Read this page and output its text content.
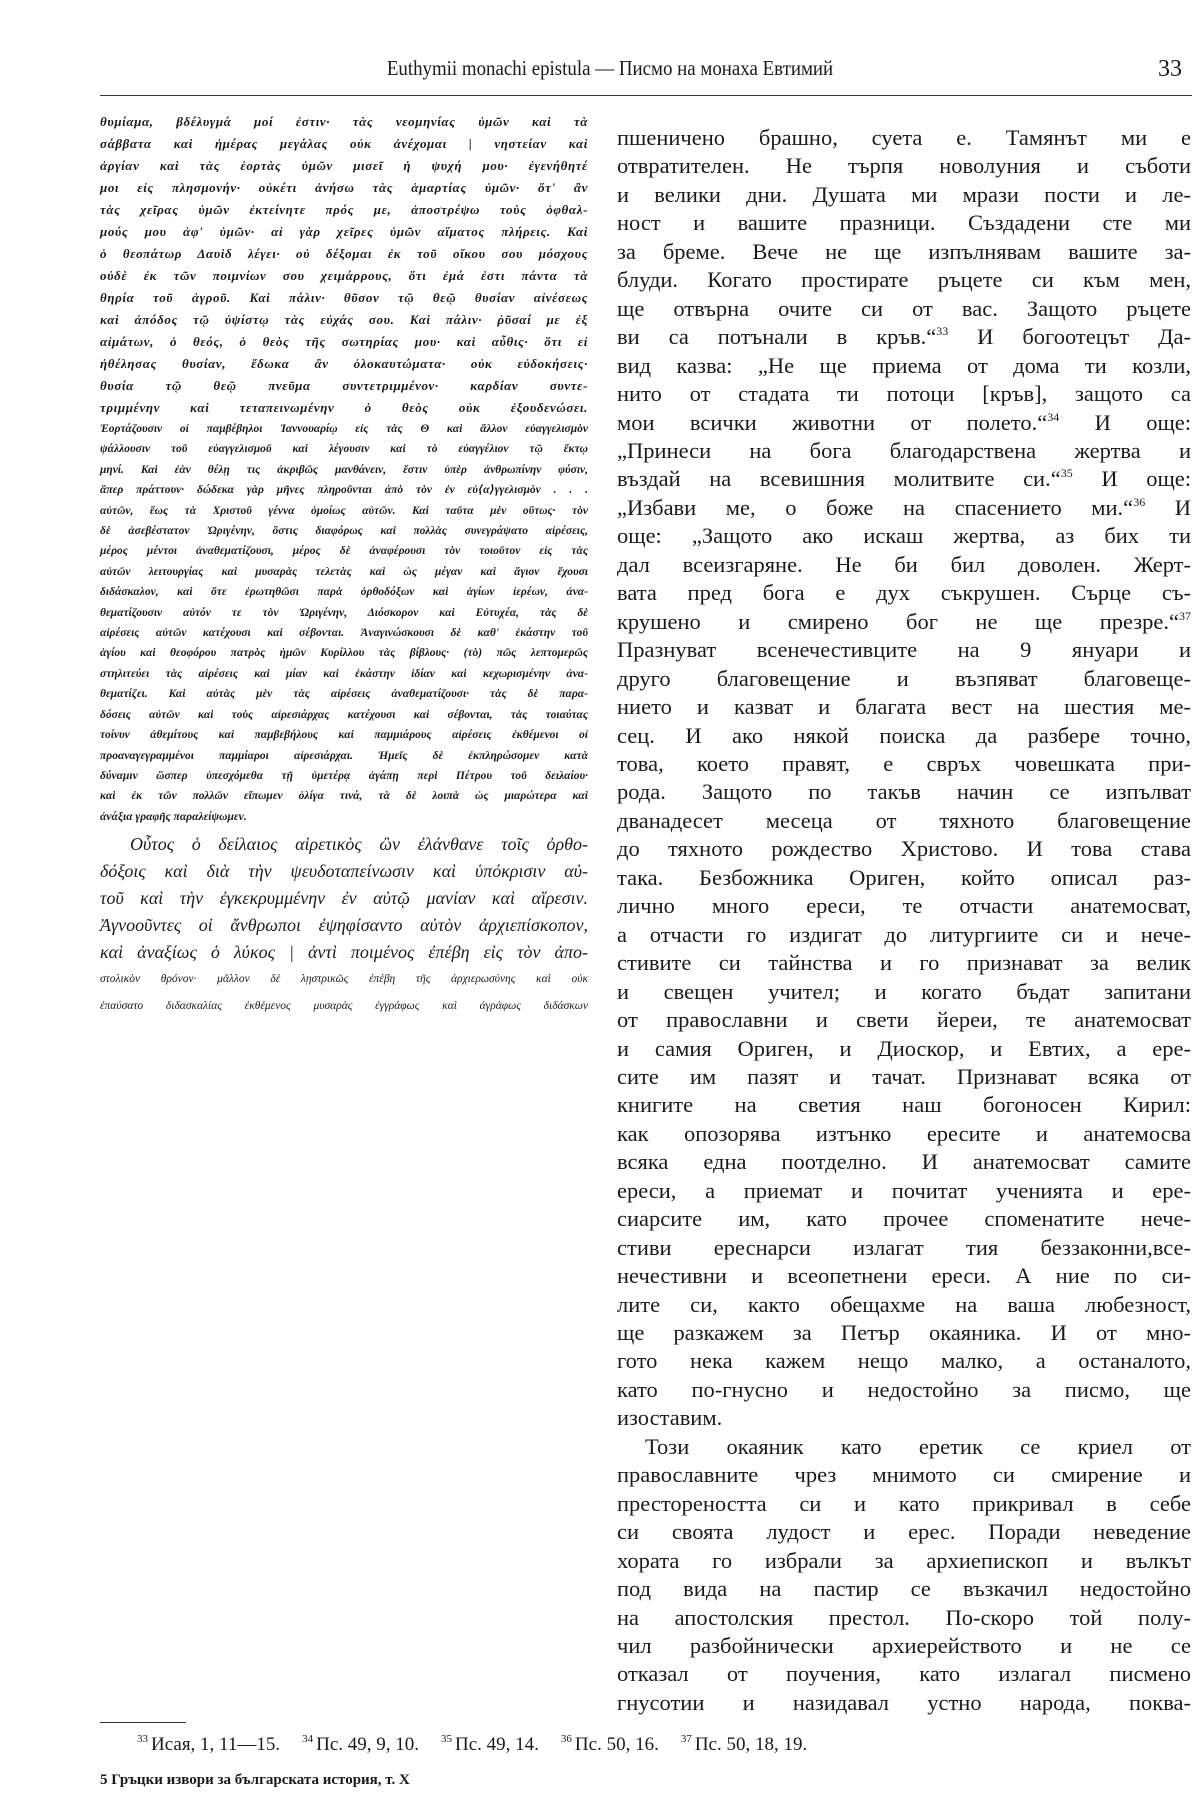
Euthymii monachi epistula — Писмо на монаха Евтимий	33
θυμίαμα, βδέλυγμά μοί ἐστιν· τὰς νεομηνίας ὑμῶν καὶ τὰ
σάββατα καὶ ἡμέρας μεγάλας οὐκ ἀνέχομαι | νηστείαν καὶ
ἀργίαν καὶ τὰς ἑορτὰς ὑμῶν μισεῖ ἡ ψυχή μου· ἐγενήθητέ
μοι εἰς πλησμονήν· οὐκέτι ἀνήσω τὰς ἁμαρτίας ὑμῶν· ὅτ' ἂν
τὰς χεῖρας ὑμῶν ἐκτείνητε πρός με, ἀποστρέψω τοὺς ὀφθαλ-
μούς μου ἀφ' ὑμῶν· αἱ γὰρ χεῖρες ὑμῶν αἵματος πλήρεις. Καὶ
ὁ θεοπάτωρ Δαυὶδ λέγει· οὐ δέξομαι ἐκ τοῦ οἴκου σου μόσχους
οὐδὲ ἐκ τῶν ποιμνίων σου χειμάρρους, ὅτι ἐμά ἐστι πάντα τὰ
θηρία τοῦ ἀγροῦ. Καὶ πάλιν· θῦσον τῷ θεῷ θυσίαν αἰνέσεως
καὶ ἀπόδος τῷ ὑψίστῳ τὰς εὐχάς σου. Καὶ πάλιν· ῥῦσαί με ἐξ
αἱμάτων, ὁ θεός, ὁ θεὸς τῆς σωτηρίας μου· καὶ αὖθις· ὅτι εἰ
ἠθέλησας θυσίαν, ἔδωκα ἂν ὁλοκαυτώματα· οὐκ εὐδοκήσεις·
θυσία τῷ θεῷ πνεῦμα συντετριμμένον· καρδίαν συντε-
τριμμένην καὶ τεταπεινωμένην ὁ θεὸς οὐκ ἐξουδενώσει.
Ἑορτάζουσιν οἱ παμβέβηλοι Ἰαννουαρίῳ εἰς τὰς Θ καὶ ἄλλον εὐαγγελισμὸν
ψάλλουσιν τοῦ εὐαγγελισμοῦ καὶ λέγουσιν καὶ τὸ εὐαγγέλιον τῷ ἕκτῳ
μηνί. Καὶ ἐὰν θέλῃ τις ἀκριβῶς μανθάνειν, ἔστιν ὑπὲρ ἀνθρωπίνην φύσιν,
ἅπερ πράττουν· δώδεκα γὰρ μῆνες πληροῦνται ἀπὸ τὸν ἐν εὐ⟨α⟩γγελισμὸν . . .
αὐτῶν, ἕως τὰ Χριστοῦ γέννα ὁμοίως αὐτῶν. Καὶ ταῦτα μὲν οὕτως· τὸν
δὲ ἀσεβέστατον Ὠριγένην, ὅστις διαφόρως καὶ πολλὰς συνεγράψατο αἱρέσεις,
μέρος μέντοι ἀναθεματίζουσι, μέρος δὲ ἀναφέρουσι τὸν τοιοῦτον εἰς τὰς
αὐτῶν λειτουργίας καὶ μυσαρὰς τελετὰς καὶ ὡς μέγαν καὶ ἅγιον ἔχουσι
διδάσκαλον, καὶ ὅτε ἐρωτηθῶσι παρὰ ὀρθοδόξων καὶ ἁγίων ἱερέων, ἀνα-
θεματίζουσιν αὐτόν τε τὸν Ὠριγένην, Διόσκορον καὶ Εὐτυχέα, τὰς δὲ
αἱρέσεις αὐτῶν κατέχουσι καὶ σέβονται. Ἀναγινώσκουσι δὲ καθ' ἑκάστην τοῦ
ἁγίου καὶ θεοφόρου πατρὸς ἡμῶν Κυρίλλου τὰς βίβλους· (τὸ) πῶς λεπτομερῶς
στηλιτεύει τὰς αἱρέσεις καὶ μίαν καὶ ἑκάστην ἰδίαν καὶ κεχωρισμένην ἀνα-
θεματίζει. Καὶ αὐτὰς μὲν τὰς αἱρέσεις ἀναθεματίζουσι· τὰς δὲ παρα-
δόσεις αὐτῶν καὶ τοὺς αἱρεσιάρχας κατέχουσι καὶ σέβονται, τὰς τοιαύτας
τοίνυν ἀθεμίτους καὶ παμβεβήλους καὶ παμμιάρους αἱρέσεις ἐκθέμενοι οἱ
προαναγεγραμμένοι παμμίαροι αἱρεσιάρχαι. Ἡμεῖς δὲ ἐκπληρώσομεν κατὰ
δύναμιν ὥσπερ ὑπεσχόμεθα τῇ ὑμετέρᾳ ἀγάπῃ περὶ Πέτρου τοῦ δειλαίου·
καὶ ἐκ τῶν πολλῶν εἴπωμεν ὀλίγα τινά, τὰ δὲ λοιπὰ ὡς μιαρώτερα καὶ
ἀνάξια γραφῆς παραλείψωμεν.
Οὗτος ὁ δείλαιος αἱρετικὸς ὢν ἐλάνθανε τοῖς ὀρθο-
δόξοις καὶ διὰ τὴν ψευδοταπείνωσιν καὶ ὑπόκρισιν αὐ-
τοῦ καὶ τὴν ἐγκεκρυμμένην ἐν αὐτῷ μανίαν καὶ αἵρεσιν.
Ἀγνοοῦντες οἱ ἄνθρωποι ἐψηφίσαντο αὐτὸν ἀρχιεπίσκοπον,
καὶ ἀναξίως ὁ λύκος | ἀντὶ ποιμένος ἐπέβη εἰς τὸν ἀπο-
στολικὸν θρόνον· μᾶλλον δὲ λῃστρικῶς ἐπέβη τῆς ἀρχιερωσύνης καὶ οὐκ
ἐπαύσατο διδασκαλίας ἐκθέμενος μυσαρὰς ἐγγράφως καὶ ἀγράφως διδάσκων
пшеничено брашно, суета е. Тамянът ми е
отвратителен. Не търпя новолуния и съботи
и велики дни. Душата ми мрази пости и ле-
ност и вашите празници. Създадени сте ми
за бреме. Вече не ще изпълнявам вашите за-
блуди. Когато простирате ръцете си към мен,
ще отвърна очите си от вас. Защото ръцете
ви са потънали в кръв.“$^{33}$ И богоотецът Да-
вид казва: „Не ще приема от дома ти козли,
нито от стадата ти потоци [кръв], защото са
мои всички животни от полето.“$^{34}$ И още:
„Принеси на бога благодарствена жертва и
въздай на всевишния молитвите си.“$^{35}$ И още:
„Избави ме, о боже на спасението ми.“$^{36}$ И
още: „Защото ако искаш жертва, аз бих ти
дал всеизгаряне. Не би бил доволен. Жерт-
вата пред бога е дух съкрушен. Сърце съ-
крушено и смирено бог не ще презре.“$^{37}$
Празнуват всенечестивците на 9 януари и
друго благовещение и възпяват благовеще-
нието и казват и благата вест на шестия ме-
сец. И ако някой поиска да разбере точно,
това, което правят, е свръх човешката при-
рода. Защото по такъв начин се изпълват
дванадесет месеца от тяхното благовещение
до тяхното рождество Христово. И това става
така. Безбожника Ориген, който описал раз-
лично много ереси, те отчасти анатемосват,
а отчасти го издигат до литургиите си и нече-
стивите си тайнства и го признават за велик
и свещен учител; и когато бъдат запитани
от православни и свети йереи, те анатемосват
и самия Ориген, и Диоскор, и Евтих, а ере-
сите им пазят и тачат. Признават всяка от
книгите на светия наш богоносен Кирил:
как опозорява изтънко ересите и анатемосва
всяка една поотделно. И анатемосват самите
ереси, а приемат и почитат ученията и ере-
сиарсите им, като прочее споменатите нече-
стиви ереснарси излагат тия беззаконни,все-
нечестивни и всеопетнени ереси. А ние по си-
лите си, както обещахме на ваша любезност,
ще разкажем за Петър окаяника. И от мно-
гото нека кажем нещо малко, а останалото,
като по-гнусно и недостойно за писмо, ще
изоставим.
Този окаяник като еретик се криел от
православните чрез мнимото си смирение и
престореността си и като прикривал в себе
си своята лудост и ерес. Поради неведение
хората го избрали за архиепископ и вълкът
под вида на пастир се възкачил недостойно
на апостолския престол. По-скоро той полу-
чил разбойнически архиерейството и не се
отказал от поучения, като излагал писмено
гнусотии и назидавал устно народа, поква-
$^{33}$ Исая, 1, 11—15. $^{34}$ Пс. 49, 9, 10. $^{35}$ Пс. 49, 14. $^{36}$ Пс. 50, 16. $^{37}$ Пс. 50, 18, 19.
5 Гръцки извори за българската история, т. X
